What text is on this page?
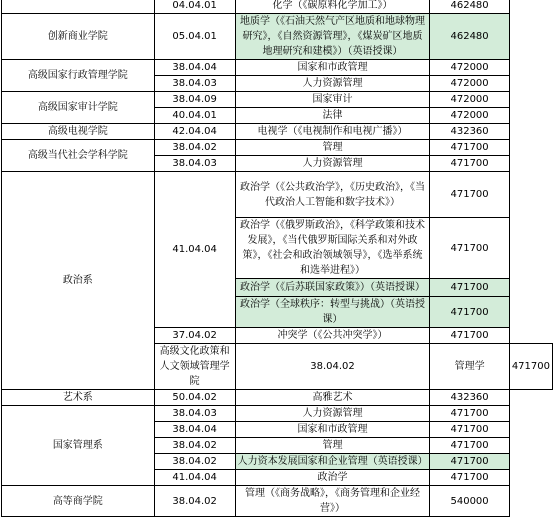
	04.04.01	化学（《碳原料化学加工》）	462480	
创新商业学院	05.04.01	地质学（《石油天然气产区地质和地球物理研究》，《自然资源管理》，《煤炭矿区地质地理研究和建模》）（英语授课）	462480	
高级国家行政管理学院	38.04.04	国家和市政管理	472000	
	38.04.03	人力资源管理	472000	
高级国家审计学院	38.04.09	国家审计	472000	
	40.04.01	法律	472000	
高级电视学院	42.04.04	电视学（《电视制作和电视广播》）	432360	
高级当代社会学科学院	38.04.02	管理	471700	
	38.04.03	人力资源管理	471700	
政治系	41.04.04	政治学（《公共政治学》，《历史政治》，《当代政治人工智能和数字技术》）	471700	
		政治学（《俄罗斯政治》，《科学政策和技术发展》，《当代俄罗斯国际关系和对外政策》，《社会和政治领域领导》，《选举系统和选举进程》）	471700	
		政治学（《后苏联国家政策》）（英语授课）	471700	
		政治学（全球秩序：转型与挑战）（英语授课）	471700	
	37.04.02	冲突学（《公共冲突学》）	471700	
	高级文化政策和人文领域管理学院	38.04.02	管理学	471700
艺术系	50.04.02	高雅艺术	432360	
国家管理系	38.04.03	人力资源管理	471700	
	38.04.04	国家和市政管理	471700	
	38.04.02	管理	471700	
	38.04.02	人力资本发展国家和企业管理（英语授课）	471700	
	41.04.04	政治学	471700	
高等商学院	38.04.02	管理（《商务战略》，《商务管理和企业经营》）	540000	
